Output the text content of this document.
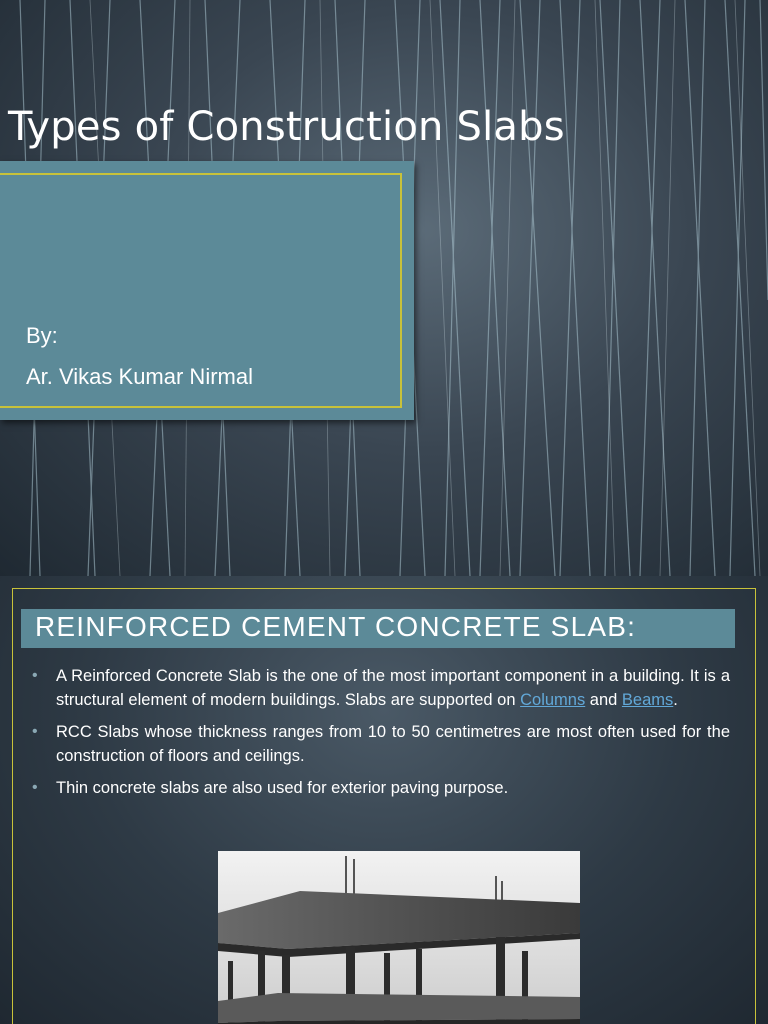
Types of Construction Slabs

By:

Ar. Vikas Kumar Nirmal

REINFORCED CEMENT CONCRETE SLAB:
• A Reinforced Concrete Slab is the one of the most important component in a building. It is a structural element of modern buildings. Slabs are supported on Columns and Beams.
• RCC Slabs whose thickness ranges from 10 to 50 centimetres are most often used for the construction of floors and ceilings.
• Thin concrete slabs are also used for exterior paving purpose.
